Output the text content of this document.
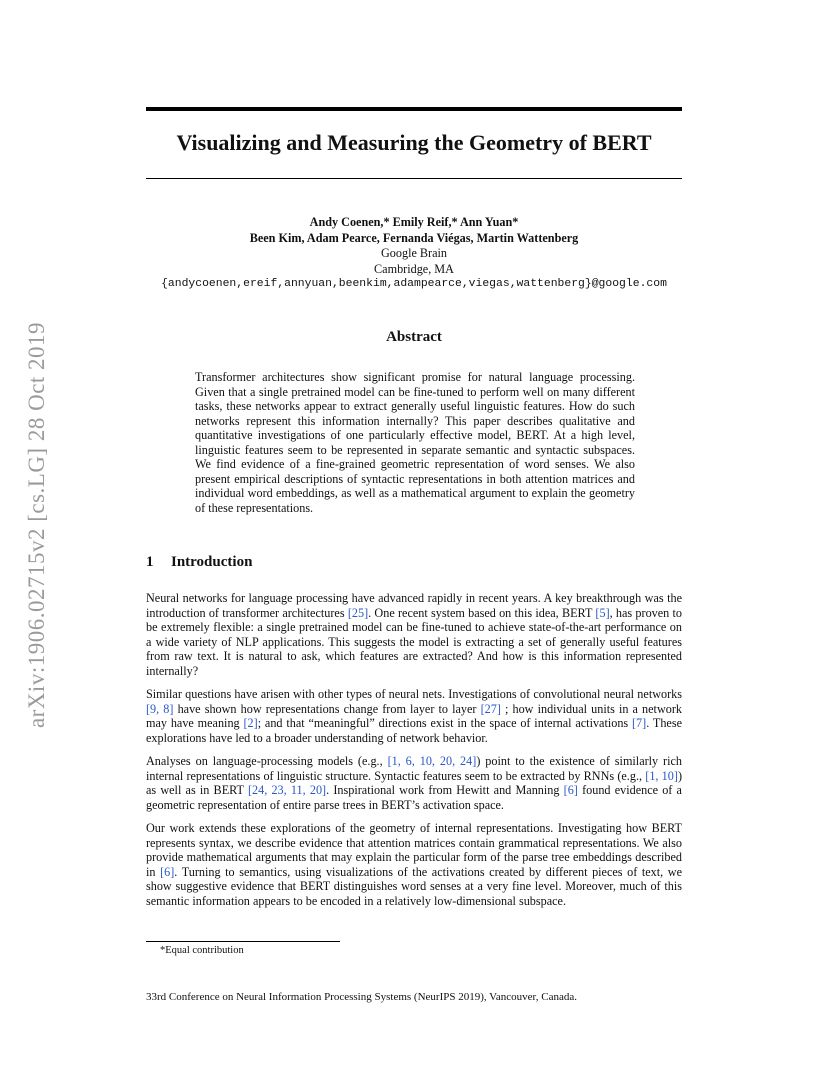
Visualizing and Measuring the Geometry of BERT
Andy Coenen,* Emily Reif,* Ann Yuan*
Been Kim, Adam Pearce, Fernanda Viégas, Martin Wattenberg
Google Brain
Cambridge, MA
{andycoenen,ereif,annyuan,beenkim,adampearce,viegas,wattenberg}@google.com
Abstract
Transformer architectures show significant promise for natural language processing. Given that a single pretrained model can be fine-tuned to perform well on many different tasks, these networks appear to extract generally useful linguistic features. How do such networks represent this information internally? This paper describes qualitative and quantitative investigations of one particularly effective model, BERT. At a high level, linguistic features seem to be represented in separate semantic and syntactic subspaces. We find evidence of a fine-grained geometric representation of word senses. We also present empirical descriptions of syntactic representations in both attention matrices and individual word embeddings, as well as a mathematical argument to explain the geometry of these representations.
1 Introduction
Neural networks for language processing have advanced rapidly in recent years. A key breakthrough was the introduction of transformer architectures [25]. One recent system based on this idea, BERT [5], has proven to be extremely flexible: a single pretrained model can be fine-tuned to achieve state-of-the-art performance on a wide variety of NLP applications. This suggests the model is extracting a set of generally useful features from raw text. It is natural to ask, which features are extracted? And how is this information represented internally?
Similar questions have arisen with other types of neural nets. Investigations of convolutional neural networks [9, 8] have shown how representations change from layer to layer [27] ; how individual units in a network may have meaning [2]; and that “meaningful” directions exist in the space of internal activations [7]. These explorations have led to a broader understanding of network behavior.
Analyses on language-processing models (e.g., [1, 6, 10, 20, 24]) point to the existence of similarly rich internal representations of linguistic structure. Syntactic features seem to be extracted by RNNs (e.g., [1, 10]) as well as in BERT [24, 23, 11, 20]. Inspirational work from Hewitt and Manning [6] found evidence of a geometric representation of entire parse trees in BERT’s activation space.
Our work extends these explorations of the geometry of internal representations. Investigating how BERT represents syntax, we describe evidence that attention matrices contain grammatical representations. We also provide mathematical arguments that may explain the particular form of the parse tree embeddings described in [6]. Turning to semantics, using visualizations of the activations created by different pieces of text, we show suggestive evidence that BERT distinguishes word senses at a very fine level. Moreover, much of this semantic information appears to be encoded in a relatively low-dimensional subspace.
*Equal contribution
33rd Conference on Neural Information Processing Systems (NeurIPS 2019), Vancouver, Canada.
arXiv:1906.02715v2 [cs.LG] 28 Oct 2019
